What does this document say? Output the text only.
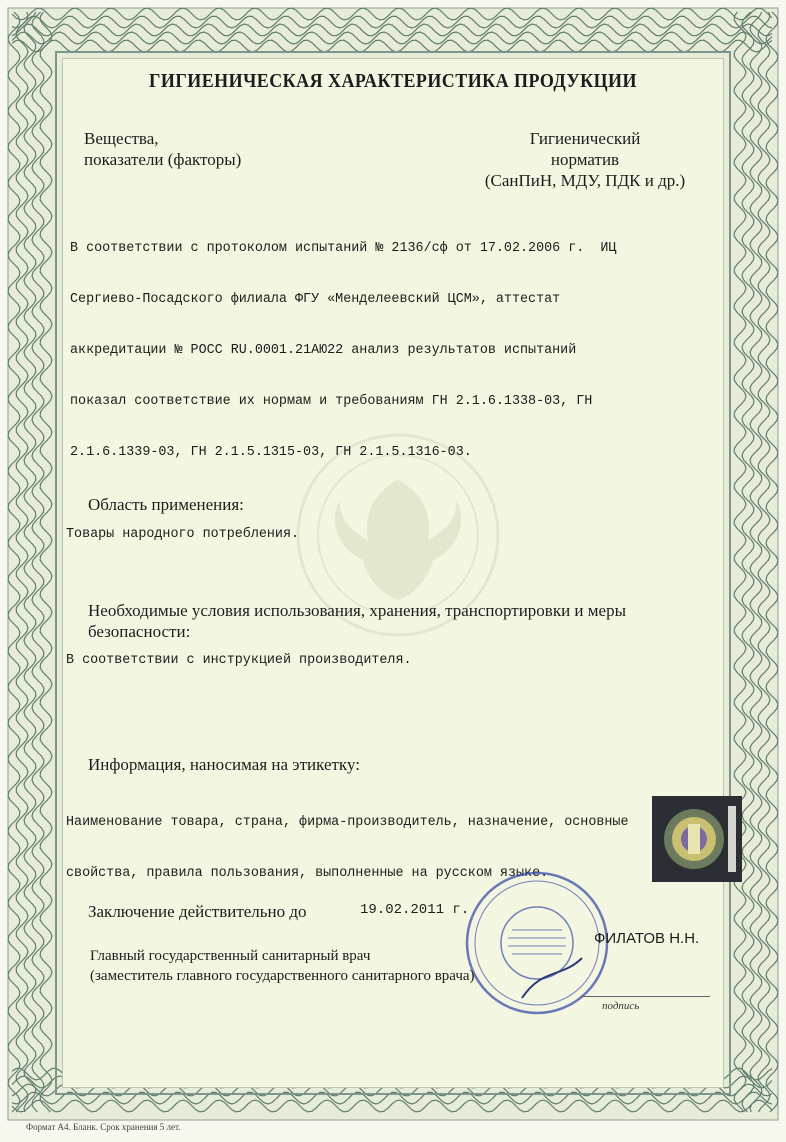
ГИГИЕНИЧЕСКАЯ ХАРАКТЕРИСТИКА ПРОДУКЦИИ
Вещества,
показатели (факторы)
Гигиенический
норматив
(СанПиН, МДУ, ПДК и др.)

В соответствии с протоколом испытаний № 2136/сф от 17.02.2006 г.  ИЦ

Сергиево-Посадского филиала ФГУ «Менделеевский ЦСМ», аттестат

аккредитации № РОСС RU.0001.21АЮ22 анализ результатов испытаний

показал соответствие их нормам и требованиям ГН 2.1.6.1338-03, ГН

2.1.6.1339-03, ГН 2.1.5.1315-03, ГН 2.1.5.1316-03.

Область применения:
Товары народного потребления.
Необходимые условия использования, хранения, транспортировки и меры
безопасности:
В соответствии с инструкцией производителя.
Информация, наносимая на этикетку:

Наименование товара, страна, фирма-производитель, назначение, основные

свойства, правила пользования, выполненные на русском языке.

Заключение действительно до	19.02.2011 г.
Главный государственный санитарный врач
(заместитель главного государственного санитарного врача)
ФИЛАТОВ Н.Н.
подпись
Формат А4. Бланк. Срок хранения 5 лет.
